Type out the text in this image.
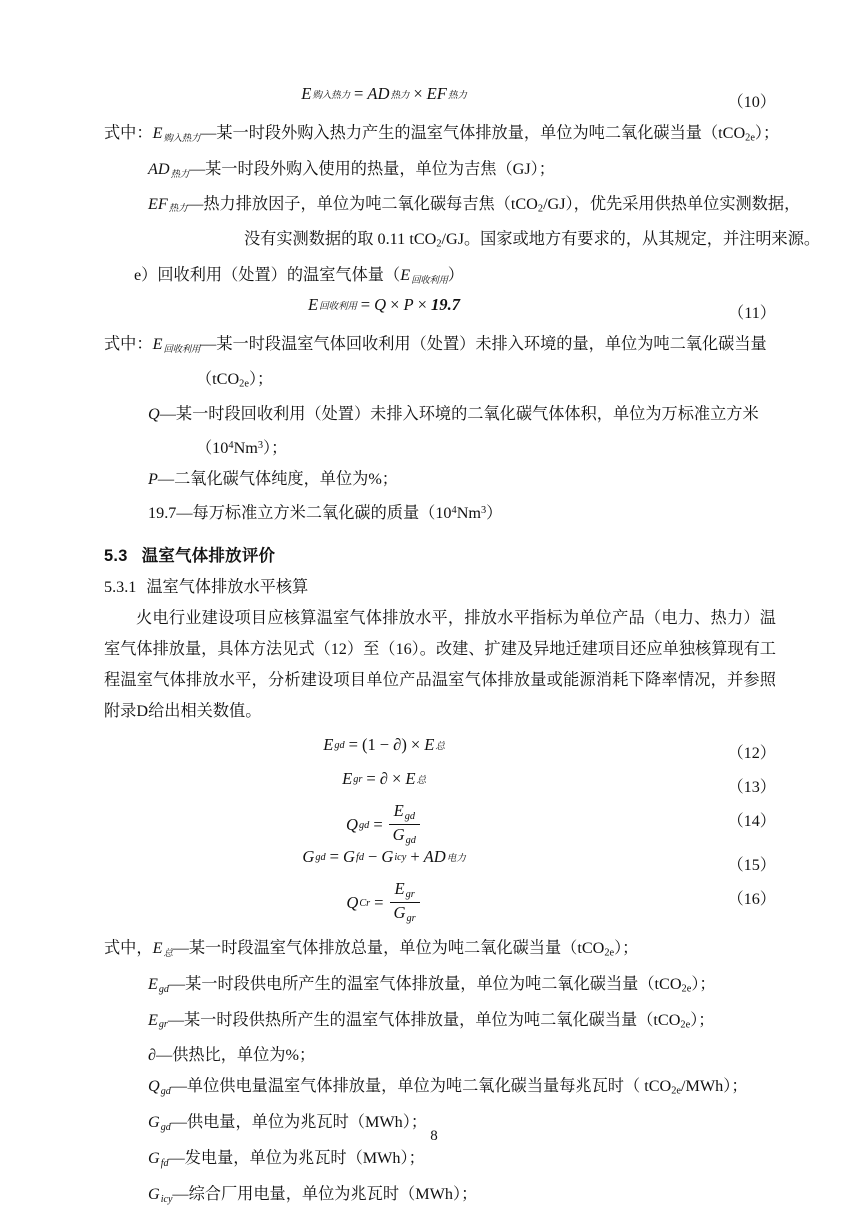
E 购入热力 = AD 热力 × EF 热力	（10）
式中：E购入热力—某一时段外购入热力产生的温室气体排放量，单位为吨二氧化碳当量（tCO2e）；
AD热力—某一时段外购入使用的热量，单位为吉焦（GJ）；
EF热力—热力排放因子，单位为吨二氧化碳每吉焦（tCO2/GJ），优先采用供热单位实测数据，
没有实测数据的取 0.11 tCO2/GJ。国家或地方有要求的，从其规定，并注明来源。
e）回收利用（处置）的温室气体量（E回收利用）
E 回收利用 = Q × P × 19.7	（11）
式中：E回收利用—某一时段温室气体回收利用（处置）未排入环境的量，单位为吨二氧化碳当量
（tCO2e）；
Q—某一时段回收利用（处置）未排入环境的二氧化碳气体体积，单位为万标准立方米
$(10^4Nm^3)$；
P—二氧化碳气体纯度，单位为%；
19.7—每万标准立方米二氧化碳的质量$(10^4Nm^3)$
5.3 温室气体排放评价
5.3.1 温室气体排放水平核算
火电行业建设项目应核算温室气体排放水平，排放水平指标为单位产品（电力、热力）温室气体排放量，具体方法见式（12）至（16）。改建、扩建及异地迁建项目还应单独核算现有工程温室气体排放水平，分析建设项目单位产品温室气体排放量或能源消耗下降率情况，并参照附录D给出相关数值。
E gd = (1 − ∂ ) × E 总	（12）
E gr = ∂ × E 总	（13）
Q gd = $\frac{E_{gd}}{G_{gd}}$	（14）
G gd = G fd − G icy + AD 电力	（15）
Q $Cr = \frac{E_{gr}}{G_{gr}}$	（16）
式中，E总—某一时段温室气体排放总量，单位为吨二氧化碳当量（tCO2e）；
$E_{gd}—$某一时段供电所产生的温室气体排放量，单位为吨二氧化碳当量（tCO2e）；
$E_{gr}—$某一时段供热所产生的温室气体排放量，单位为吨二氧化碳当量（tCO2e）；
∂—供热比，单位为%；
$Q_{gd}—$单位供电量温室气体排放量，单位为吨二氧化碳当量每兆瓦时（ tCO2e/MWh）；
$G_{gd}—$供电量，单位为兆瓦时（MWh）；
$G_{fd}—$发电量，单位为兆瓦时（MWh）；
$G_{icy}—$综合厂用电量，单位为兆瓦时（MWh）；
8
